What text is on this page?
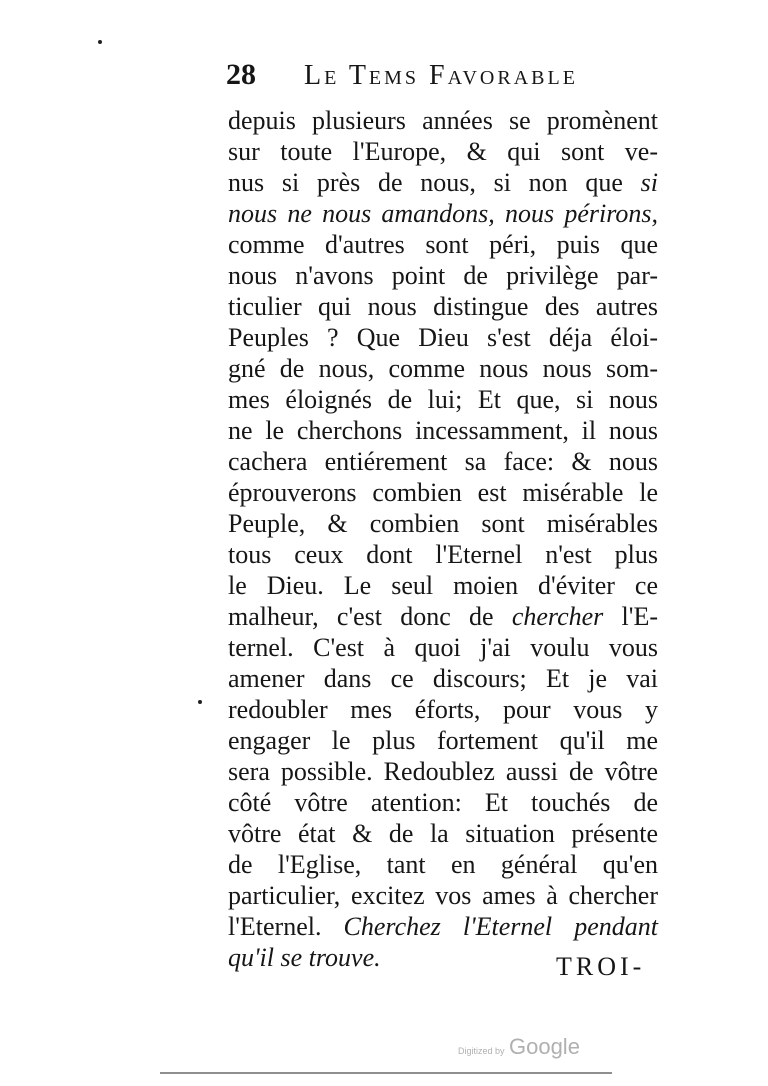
28 Le Tems Favorable
depuis plusieurs années se promènent
sur toute l'Europe, & qui sont ve-
nus si près de nous, si non que si
nous ne nous amandons, nous périrons,
comme d'autres sont péri, puis que
nous n'avons point de privilège par-
ticulier qui nous distingue des autres
Peuples ? Que Dieu s'est déja éloi-
gné de nous, comme nous nous som-
mes éloignés de lui; Et que, si nous
ne le cherchons incessamment, il nous
cachera entiérement sa face: & nous
éprouverons combien est misérable le
Peuple, & combien sont misérables
tous ceux dont l'Eternel n'est plus
le Dieu. Le seul moien d'éviter ce
malheur, c'est donc de chercher l'E-
ternel. C'est à quoi j'ai voulu vous
amener dans ce discours; Et je vai
redoubler mes éforts, pour vous y
engager le plus fortement qu'il me
sera possible. Redoublez aussi de vôtre
côté vôtre atention: Et touchés de
vôtre état & de la situation présente
de l'Eglise, tant en général qu'en
particulier, excitez vos ames à chercher
l'Eternel. Cherchez l'Eternel pendant
qu'il se trouve.	TROI-
Digitized by Google
